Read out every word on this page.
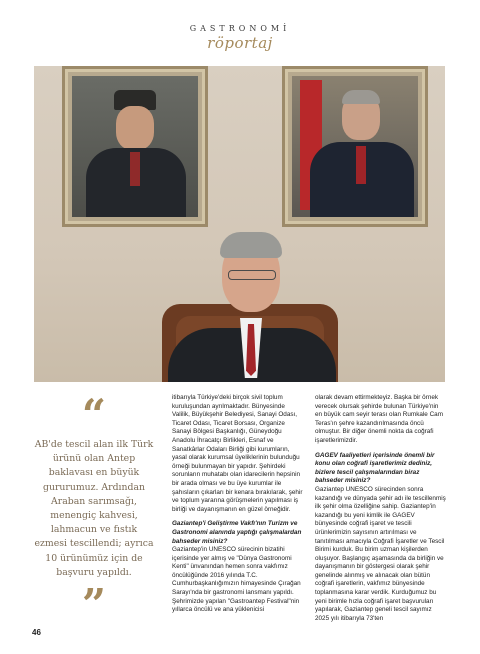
GASTRONOMİ
röportaj
“
AB'de tescil alan ilk Türk ürünü olan Antep baklavası en büyük gururumuz. Ardından Araban sarımsağı, menengiç kahvesi, lahmacun ve fıstık ezmesi tescillendi; ayrıca 10 ürünümüz için de başvuru yapıldı.
”

itibarıyla Türkiye'deki birçok sivil toplum kuruluşundan ayrılmaktadır. Bünyesinde Valilik, Büyükşehir Belediyesi, Sanayi Odası, Ticaret Odası, Ticaret Borsası, Organize Sanayi Bölgesi Başkanlığı, Güneydoğu Anadolu İhracatçı Birlikleri, Esnaf ve Sanatkârlar Odaları Birliği gibi kurumların, yasal olarak kurumsal üyeliklerinin bulunduğu örneği bulunmayan bir yapıdır. Şehirdeki sorunların muhatabı olan idarecilerin hepsinin bir arada olması ve bu üye kurumlar ile şahısların çıkarları bir kenara bırakılarak, şehir ve toplum yararına görüşmelerin yapılması iş birliği ve dayanışmanın en güzel örneğidir.

Gaziantep'i Geliştirme Vakfı'nın Turizm ve Gastronomi alanında yaptığı çalışmalardan bahseder misiniz?

Gaziantep'in UNESCO sürecinin bizatihi içerisinde yer almış ve "Dünya Gastronomi Kenti" ünvanından hemen sonra vakfımız öncülüğünde 2016 yılında T.C. Cumhurbaşkanlığımızın himayesinde Çırağan Sarayı'nda bir gastronomi lansmanı yapıldı. Şehrimizde yapılan "Gastroantep Festival"nin yıllarca öncülü ve ana yüklenicisi

olarak devam ettirmekteyiz. Başka bir örnek verecek olursak şehirde bulunan Türkiye'nin en büyük cam seyir terası olan Rumkale Cam Teras'ın şehre kazandırılmasında öncü olmuştur. Bir diğer önemli nokta da coğrafi işaretlerimizdir.

GAGEV faaliyetleri içerisinde önemli bir konu olan coğrafi işaretlerimiz dediniz, bizlere tescil çalışmalarından biraz bahseder misiniz?

Gaziantep UNESCO sürecinden sonra kazandığı ve dünyada şehir adı ile tescillenmiş ilk şehir olma özelliğine sahip. Gaziantep'in kazandığı bu yeni kimlik ile GAGEV bünyesinde coğrafi işaret ve tescili ürünlerimizin sayısının artırılması ve tanıtılması amacıyla Coğrafi İşaretler ve Tescil Birimi kurduk. Bu birim uzman kişilerden oluşuyor. Başlangıç aşamasında da birliğin ve dayanışmanın bir göstergesi olarak şehir genelinde alınmış ve alınacak olan bütün coğrafi işaretlerin, vakfımız bünyesinde toplanmasına karar verdik. Kurduğumuz bu yeni birimle hızla coğrafi işaret başvuruları yapılarak, Gaziantep geneli tescil sayımız 2025 yılı itibarıyla 73'ten

46
